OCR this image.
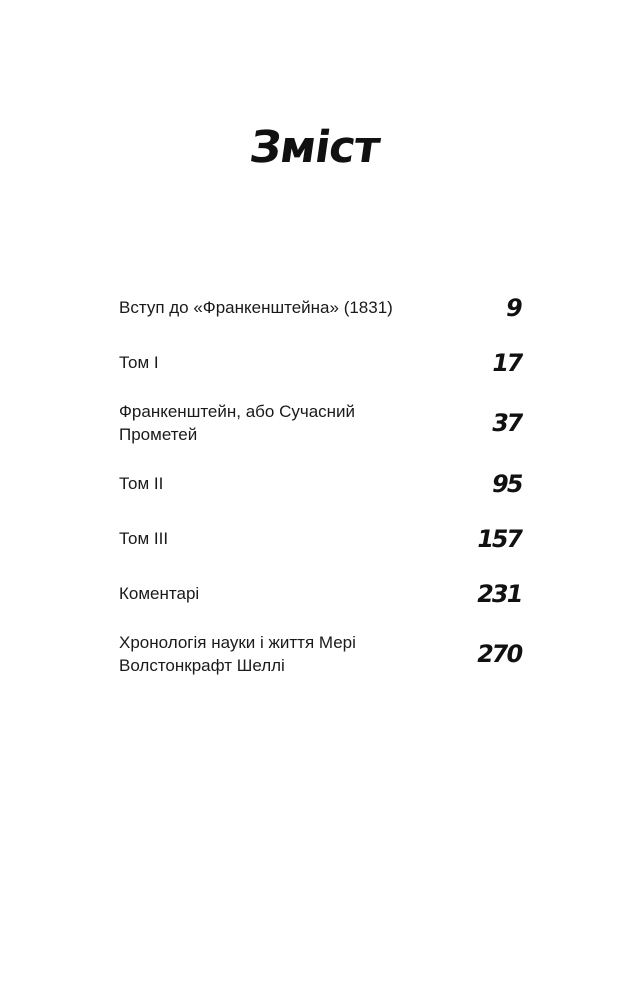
Зміст
Вступ до «Франкенштейна» (1831)	9
Том I	17
Франкенштейн, або Сучасний Прометей	37
Том II	95
Том III	157
Коментарі	231
Хронологія науки і життя Мері Волстонкрафт Шеллі	270
